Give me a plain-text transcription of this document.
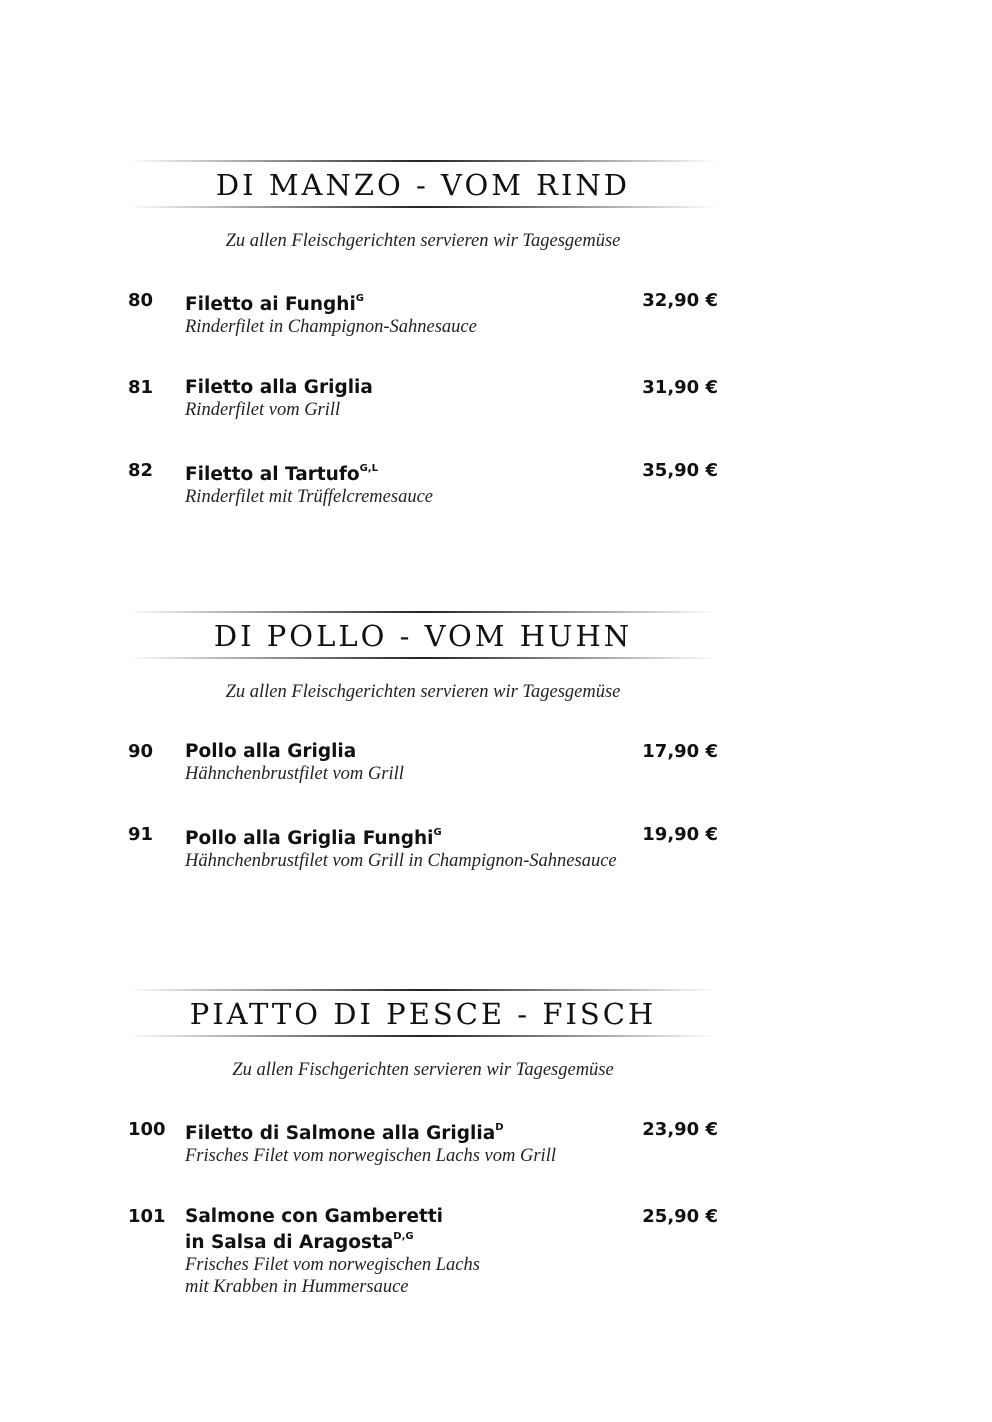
DI MANZO - VOM RIND
Zu allen Fleischgerichten servieren wir Tagesgemüse
80	32,90 €
Filetto ai Funghi$^G$
Rinderfilet in Champignon-Sahnesauce
81	31,90 €
Filetto alla Griglia
Rinderfilet vom Grill
82	35,90 €
Filetto al Tartufo$^{G,L}$
Rinderfilet mit Trüffelcremesauce
DI POLLO - VOM HUHN
Zu allen Fleischgerichten servieren wir Tagesgemüse
90	17,90 €
Pollo alla Griglia
Hähnchenbrustfilet vom Grill
91	19,90 €
Pollo alla Griglia Funghi$^G$
Hähnchenbrustfilet vom Grill in Champignon-Sahnesauce
PIATTO DI PESCE - FISCH
Zu allen Fischgerichten servieren wir Tagesgemüse
100	23,90 €
Filetto di Salmone alla Griglia$^D$
Frisches Filet vom norwegischen Lachs vom Grill
101	25,90 €
Salmone con Gamberetti
in Salsa di Aragosta$^{D,G}$
Frisches Filet vom norwegischen Lachs
mit Krabben in Hummersauce
